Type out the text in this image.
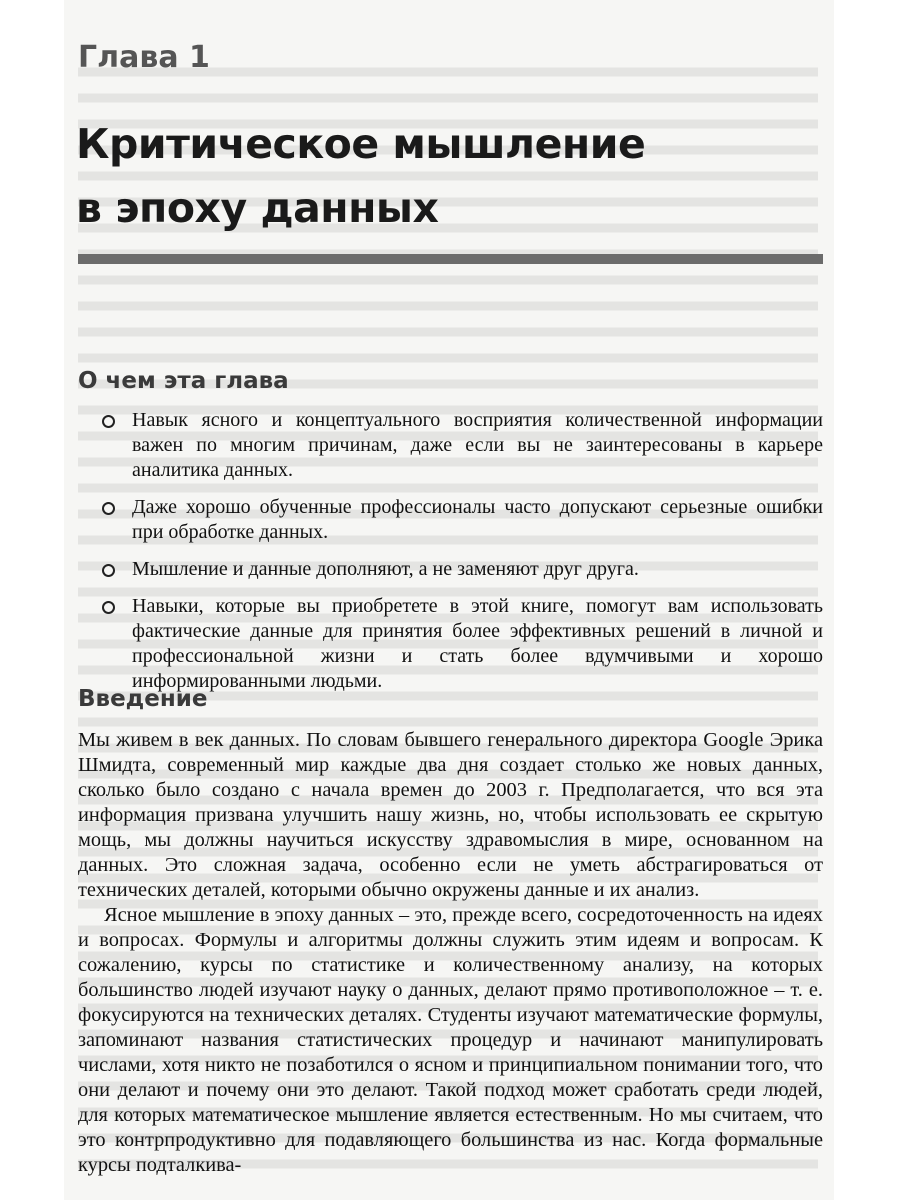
Глава 1
Критическое мышление
в эпоху данных
О чем эта глава
Навык ясного и концептуального восприятия количественной информации важен по многим причинам, даже если вы не заинтересованы в карьере аналитика данных.
Даже хорошо обученные профессионалы часто допускают серьезные ошибки при обработке данных.
Мышление и данные дополняют, а не заменяют друг друга.
Навыки, которые вы приобретете в этой книге, помогут вам использовать фактические данные для принятия более эффективных решений в личной и профессиональной жизни и стать более вдумчивыми и хорошо информированными людьми.
Введение

Мы живем в век данных. По словам бывшего генерального директора Google Эрика Шмидта, современный мир каждые два дня создает столько же новых данных, сколько было создано с начала времен до 2003 г. Предполагается, что вся эта информация призвана улучшить нашу жизнь, но, чтобы использовать ее скрытую мощь, мы должны научиться искусству здравомыслия в мире, основанном на данных. Это сложная задача, особенно если не уметь абстрагироваться от технических деталей, которыми обычно окружены данные и их анализ.

Ясное мышление в эпоху данных – это, прежде всего, сосредоточенность на идеях и вопросах. Формулы и алгоритмы должны служить этим идеям и вопросам. К сожалению, курсы по статистике и количественному анализу, на которых большинство людей изучают науку о данных, делают прямо противоположное – т. е. фокусируются на технических деталях. Студенты изучают математические формулы, запоминают названия статистических процедур и начинают манипулировать числами, хотя никто не позаботился о ясном и принципиальном понимании того, что они делают и почему они это делают. Такой подход может сработать среди людей, для которых математическое мышление является естественным. Но мы считаем, что это контрпродуктивно для подавляющего большинства из нас. Когда формальные курсы подталкива-
